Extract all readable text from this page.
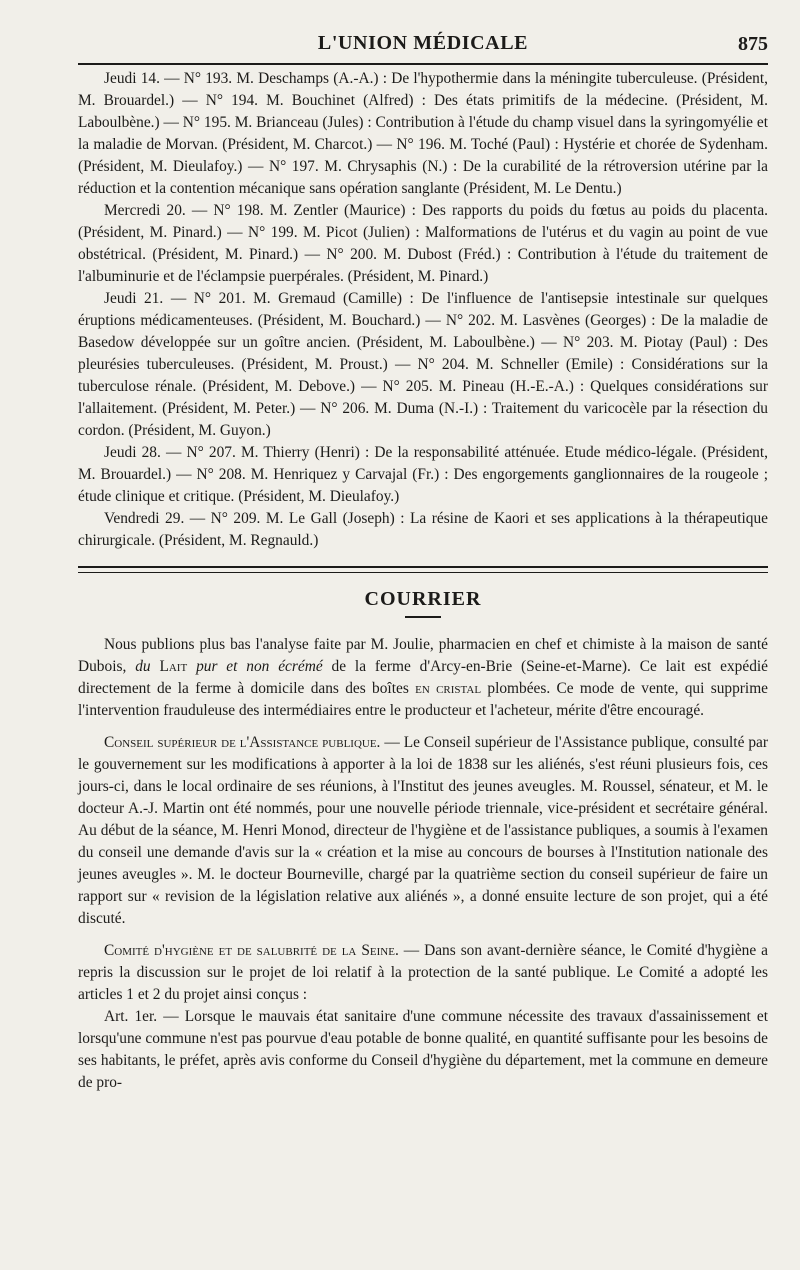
L'UNION MÉDICALE	875

Jeudi 14. — N° 193. M. Deschamps (A.-A.) : De l'hypothermie dans la méningite tuberculeuse. (Président, M. Brouardel.) — N° 194. M. Bouchinet (Alfred) : Des états primitifs de la médecine. (Président, M. Laboulbène.) — N° 195. M. Brianceau (Jules) : Contribution à l'étude du champ visuel dans la syringomyélie et la maladie de Morvan. (Président, M. Charcot.) — N° 196. M. Toché (Paul) : Hystérie et chorée de Sydenham. (Président, M. Dieulafoy.) — N° 197. M. Chrysaphis (N.) : De la curabilité de la rétroversion utérine par la réduction et la contention mécanique sans opération sanglante (Président, M. Le Dentu.)

Mercredi 20. — N° 198. M. Zentler (Maurice) : Des rapports du poids du fœtus au poids du placenta. (Président, M. Pinard.) — N° 199. M. Picot (Julien) : Malformations de l'utérus et du vagin au point de vue obstétrical. (Président, M. Pinard.) — N° 200. M. Dubost (Fréd.) : Contribution à l'étude du traitement de l'albuminurie et de l'éclampsie puerpérales. (Président, M. Pinard.)

Jeudi 21. — N° 201. M. Gremaud (Camille) : De l'influence de l'antisepsie intestinale sur quelques éruptions médicamenteuses. (Président, M. Bouchard.) — N° 202. M. Lasvènes (Georges) : De la maladie de Basedow développée sur un goître ancien. (Président, M. Laboulbène.) — N° 203. M. Piotay (Paul) : Des pleurésies tuberculeuses. (Président, M. Proust.) — N° 204. M. Schneller (Emile) : Considérations sur la tuberculose rénale. (Président, M. Debove.) — N° 205. M. Pineau (H.-E.-A.) : Quelques considérations sur l'allaitement. (Président, M. Peter.) — N° 206. M. Duma (N.-I.) : Traitement du varicocèle par la résection du cordon. (Président, M. Guyon.)

Jeudi 28. — N° 207. M. Thierry (Henri) : De la responsabilité atténuée. Etude médico-légale. (Président, M. Brouardel.) — N° 208. M. Henriquez y Carvajal (Fr.) : Des engorgements ganglionnaires de la rougeole ; étude clinique et critique. (Président, M. Dieulafoy.)

Vendredi 29. — N° 209. M. Le Gall (Joseph) : La résine de Kaori et ses applications à la thérapeutique chirurgicale. (Président, M. Regnauld.)

COURRIER

Nous publions plus bas l'analyse faite par M. Joulie, pharmacien en chef et chimiste à la maison de santé Dubois, du Lait pur et non écrémé de la ferme d'Arcy-en-Brie (Seine-et-Marne). Ce lait est expédié directement de la ferme à domicile dans des boîtes en cristal plombées. Ce mode de vente, qui supprime l'intervention frauduleuse des intermédiaires entre le producteur et l'acheteur, mérite d'être encouragé.

Conseil supérieur de l'Assistance publique. — Le Conseil supérieur de l'Assistance publique, consulté par le gouvernement sur les modifications à apporter à la loi de 1838 sur les aliénés, s'est réuni plusieurs fois, ces jours-ci, dans le local ordinaire de ses réunions, à l'Institut des jeunes aveugles. M. Roussel, sénateur, et M. le docteur A.-J. Martin ont été nommés, pour une nouvelle période triennale, vice-président et secrétaire général. Au début de la séance, M. Henri Monod, directeur de l'hygiène et de l'assistance publiques, a soumis à l'examen du conseil une demande d'avis sur la « création et la mise au concours de bourses à l'Institution nationale des jeunes aveugles ». M. le docteur Bourneville, chargé par la quatrième section du conseil supérieur de faire un rapport sur « revision de la législation relative aux aliénés », a donné ensuite lecture de son projet, qui a été discuté.

Comité d'hygiène et de salubrité de la Seine. — Dans son avant-dernière séance, le Comité d'hygiène a repris la discussion sur le projet de loi relatif à la protection de la santé publique. Le Comité a adopté les articles 1 et 2 du projet ainsi conçus :

Art. 1er. — Lorsque le mauvais état sanitaire d'une commune nécessite des travaux d'assainissement et lorsqu'une commune n'est pas pourvue d'eau potable de bonne qualité, en quantité suffisante pour les besoins de ses habitants, le préfet, après avis conforme du Conseil d'hygiène du département, met la commune en demeure de pro-
